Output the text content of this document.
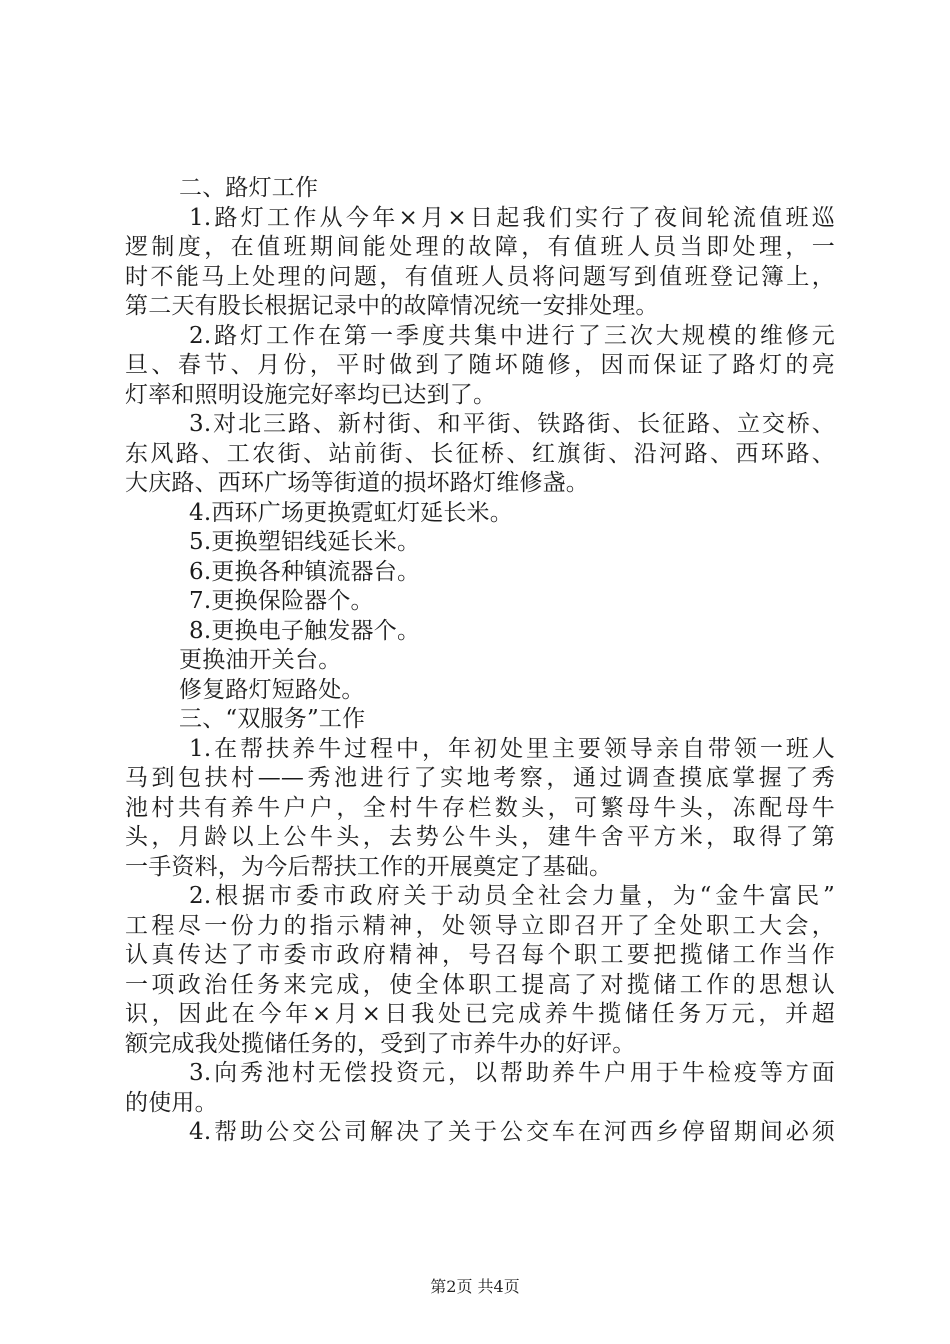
二、路灯工作
1.路灯工作从今年×月×日起我们实行了夜间轮流值班巡
逻制度，在值班期间能处理的故障，有值班人员当即处理，一
时不能马上处理的问题，有值班人员将问题写到值班登记簿上，
第二天有股长根据记录中的故障情况统一安排处理。
2.路灯工作在第一季度共集中进行了三次大规模的维修元
旦、春节、月份，平时做到了随坏随修，因而保证了路灯的亮
灯率和照明设施完好率均已达到了。
3.对北三路、新村街、和平街、铁路街、长征路、立交桥、
东风路、工农街、站前街、长征桥、红旗街、沿河路、西环路、
大庆路、西环广场等街道的损坏路灯维修盏。
4.西环广场更换霓虹灯延长米。
5.更换塑铝线延长米。
6.更换各种镇流器台。
7.更换保险器个。
8.更换电子触发器个。
更换油开关台。
修复路灯短路处。
三、“双服务”工作
1.在帮扶养牛过程中，年初处里主要领导亲自带领一班人
马到包扶村——秀池进行了实地考察，通过调查摸底掌握了秀
池村共有养牛户户，全村牛存栏数头，可繁母牛头，冻配母牛
头，月龄以上公牛头，去势公牛头，建牛舍平方米，取得了第
一手资料，为今后帮扶工作的开展奠定了基础。
2.根据市委市政府关于动员全社会力量，为“金牛富民”
工程尽一份力的指示精神，处领导立即召开了全处职工大会，
认真传达了市委市政府精神，号召每个职工要把揽储工作当作
一项政治任务来完成，使全体职工提高了对揽储工作的思想认
识，因此在今年×月×日我处已完成养牛揽储任务万元，并超
额完成我处揽储任务的，受到了市养牛办的好评。
3.向秀池村无偿投资元，以帮助养牛户用于牛检疫等方面
的使用。
4.帮助公交公司解决了关于公交车在河西乡停留期间必须
第2页 共4页
